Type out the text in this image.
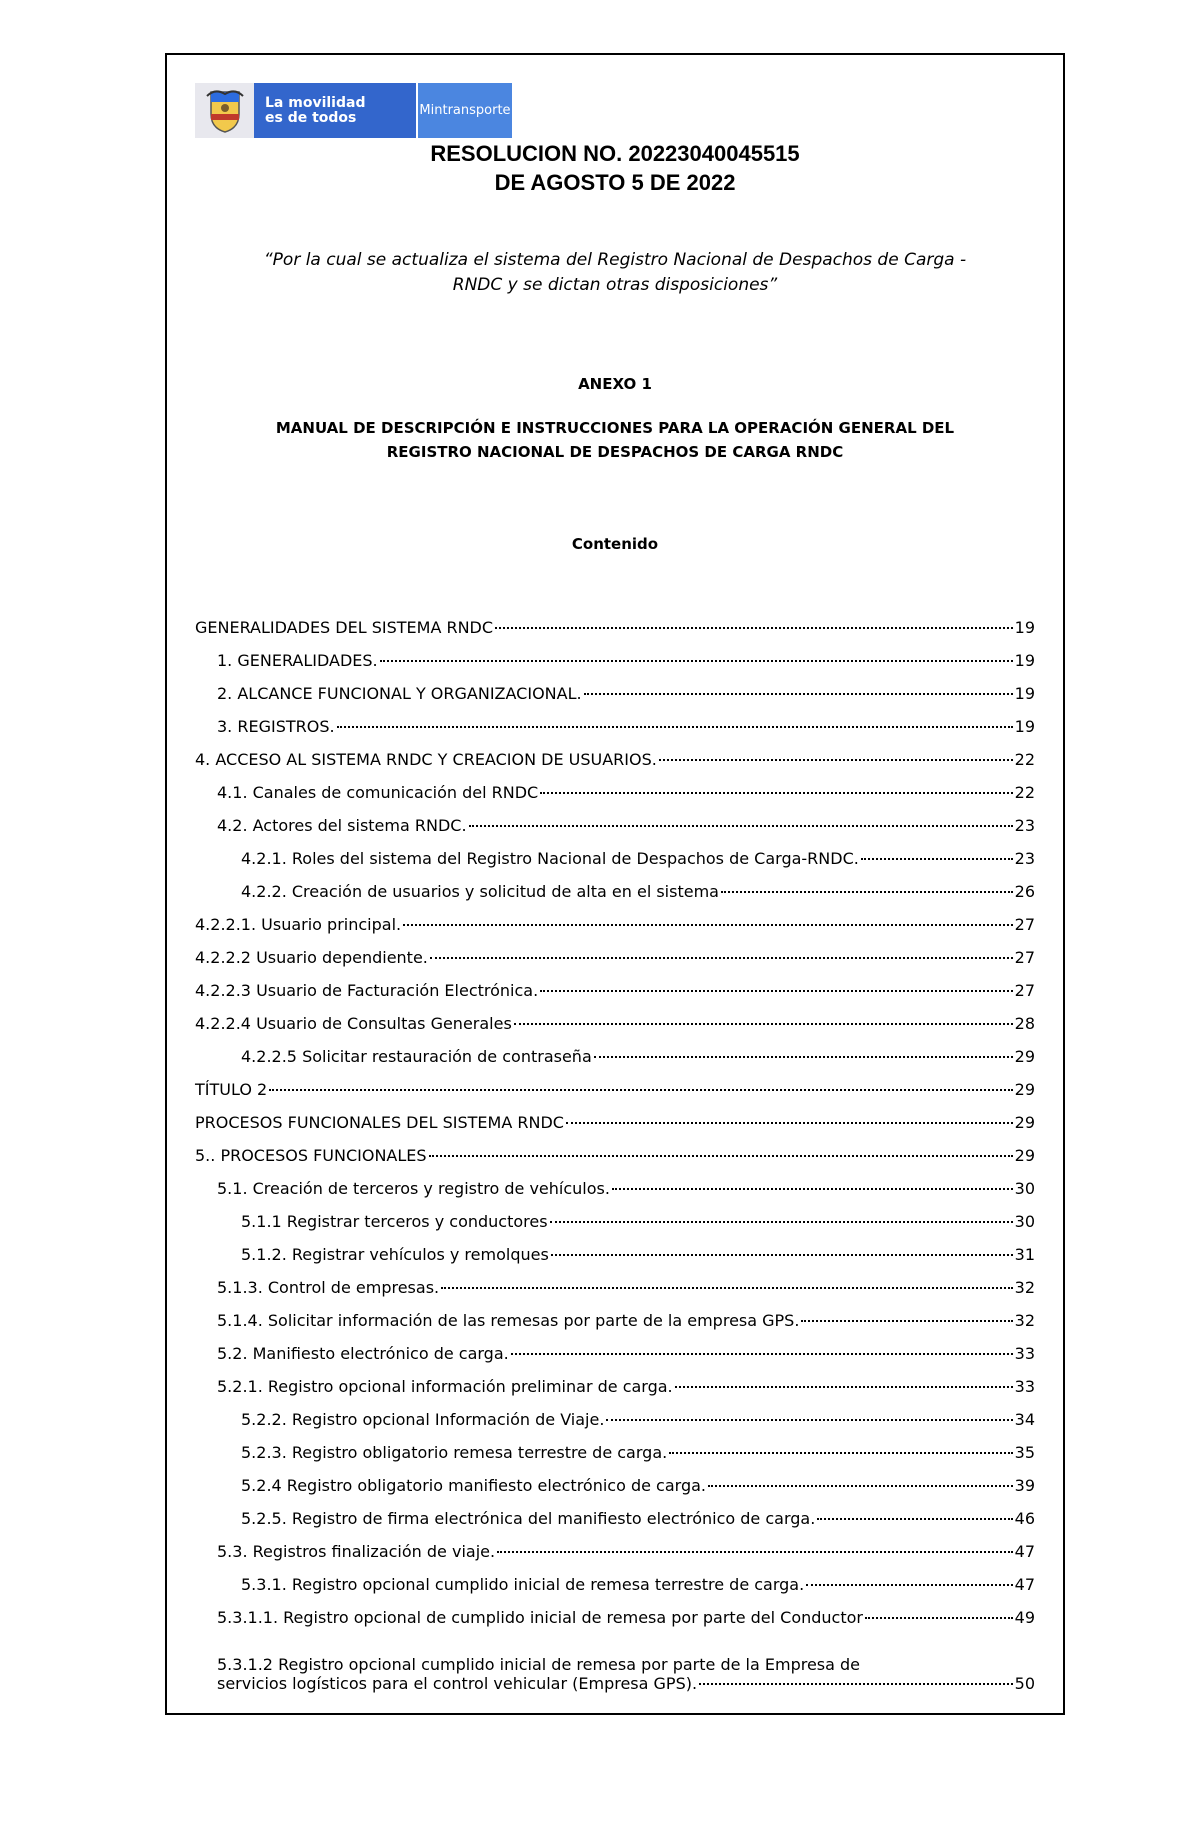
La movilidad
es de todos	Mintransporte
RESOLUCION NO. 20223040045515
DE AGOSTO 5 DE 2022
“Por la cual se actualiza el sistema del Registro Nacional de Despachos de Carga -
RNDC y se dictan otras disposiciones”
ANEXO 1
MANUAL DE DESCRIPCIÓN E INSTRUCCIONES PARA LA OPERACIÓN GENERAL DEL
REGISTRO NACIONAL DE DESPACHOS DE CARGA RNDC
Contenido
GENERALIDADES DEL SISTEMA RNDC	19
1. GENERALIDADES.	19
2. ALCANCE FUNCIONAL Y ORGANIZACIONAL.	19
3. REGISTROS.	19
4. ACCESO AL SISTEMA RNDC Y CREACION DE USUARIOS.	22
4.1. Canales de comunicación del RNDC	22
4.2. Actores del sistema RNDC.	23
4.2.1. Roles del sistema del Registro Nacional de Despachos de Carga-RNDC.	23
4.2.2. Creación de usuarios y solicitud de alta en el sistema	26
4.2.2.1. Usuario principal.	27
4.2.2.2 Usuario dependiente.	27
4.2.2.3 Usuario de Facturación Electrónica.	27
4.2.2.4 Usuario de Consultas Generales	28
4.2.2.5 Solicitar restauración de contraseña	29
TÍTULO 2	29
PROCESOS FUNCIONALES DEL SISTEMA RNDC	29
5.. PROCESOS FUNCIONALES	29
5.1. Creación de terceros y registro de vehículos.	30
5.1.1 Registrar terceros y conductores	30
5.1.2. Registrar vehículos y remolques	31
5.1.3. Control de empresas.	32
5.1.4. Solicitar información de las remesas por parte de la empresa GPS.	32
5.2. Manifiesto electrónico de carga.	33
5.2.1. Registro opcional información preliminar de carga.	33
5.2.2. Registro opcional Información de Viaje.	34
5.2.3. Registro obligatorio remesa terrestre de carga.	35
5.2.4 Registro obligatorio manifiesto electrónico de carga.	39
5.2.5. Registro de firma electrónica del manifiesto electrónico de carga.	46
5.3. Registros finalización de viaje.	47
5.3.1. Registro opcional cumplido inicial de remesa terrestre de carga.	47
5.3.1.1. Registro opcional de cumplido inicial de remesa por parte del Conductor	49
5.3.1.2 Registro opcional cumplido inicial de remesa por parte de la Empresa de
servicios logísticos para el control vehicular (Empresa GPS).	50
